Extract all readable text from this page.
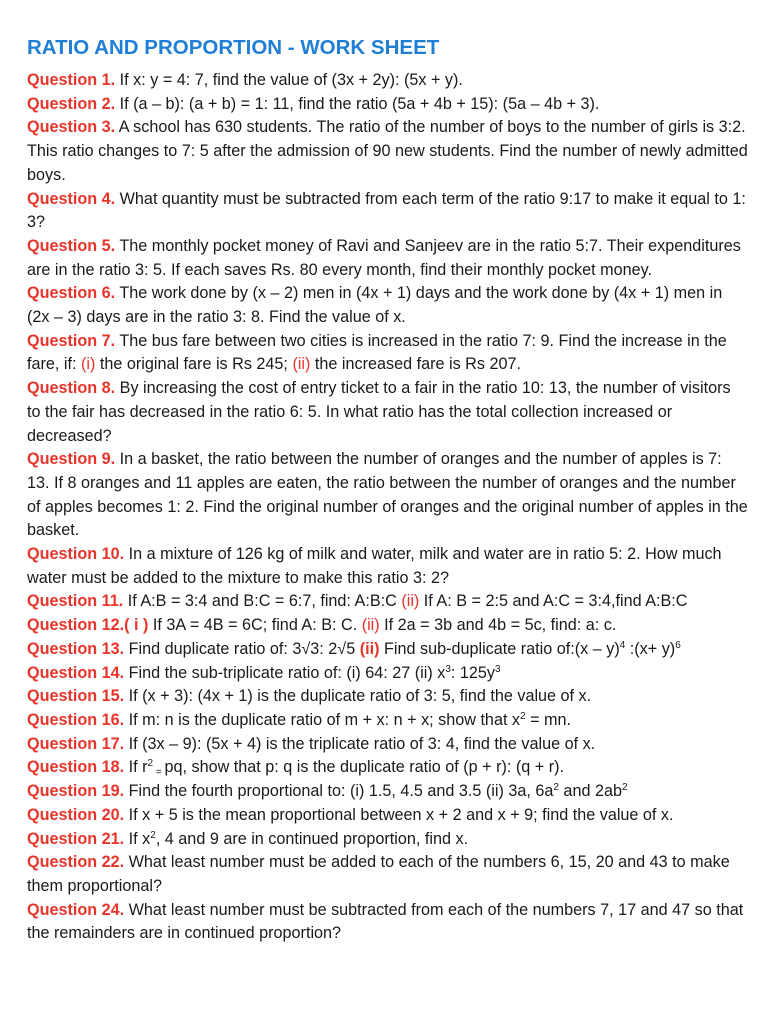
RATIO AND PROPORTION - WORK SHEET

Question 1. If x: y = 4: 7, find the value of (3x + 2y): (5x + y).

Question 2. If (a – b): (a + b) = 1: 11, find the ratio (5a + 4b + 15): (5a – 4b + 3).

Question 3. A school has 630 students. The ratio of the number of boys to the number of girls is 3:2. This ratio changes to 7: 5 after the admission of 90 new students. Find the number of newly admitted boys.

Question 4. What quantity must be subtracted from each term of the ratio 9:17 to make it equal to 1: 3?

Question 5. The monthly pocket money of Ravi and Sanjeev are in the ratio 5:7. Their expenditures are in the ratio 3: 5. If each saves Rs. 80 every month, find their monthly pocket money.

Question 6. The work done by (x – 2) men in (4x + 1) days and the work done by (4x + 1) men in (2x – 3) days are in the ratio 3: 8. Find the value of x.

Question 7. The bus fare between two cities is increased in the ratio 7: 9. Find the increase in the fare, if: (i) the original fare is Rs 245; (ii) the increased fare is Rs 207.

Question 8. By increasing the cost of entry ticket to a fair in the ratio 10: 13, the number of visitors to the fair has decreased in the ratio 6: 5. In what ratio has the total collection increased or decreased?

Question 9. In a basket, the ratio between the number of oranges and the number of apples is 7: 13. If 8 oranges and 11 apples are eaten, the ratio between the number of oranges and the number of apples becomes 1: 2. Find the original number of oranges and the original number of apples in the basket.

Question 10. In a mixture of 126 kg of milk and water, milk and water are in ratio 5: 2. How much water must be added to the mixture to make this ratio 3: 2?

Question 11. If A:B = 3:4 and B:C = 6:7, find: A:B:C (ii) If A: B = 2:5 and A:C = 3:4,find A:B:C

Question 12.( i ) If 3A = 4B = 6C; find A: B: C. (ii) If 2a = 3b and 4b = 5c, find: a: c.

Question 13. Find duplicate ratio of: 3√3: 2√5 (ii) Find sub-duplicate ratio of:(x – y)$^4$ :(x+ y)$^6$

Question 14. Find the sub-triplicate ratio of: (i) 64: 27 (ii) $x^3$: $125y^3$

Question 15. If (x + 3): (4x + 1) is the duplicate ratio of 3: 5, find the value of x.

Question 16. If m: n is the duplicate ratio of m + x: n + x; show that $x^2$ = mn.

Question 17. If (3x – 9): (5x + 4) is the triplicate ratio of 3: 4, find the value of x.

Question 18. If $r^2$ $_=$ pq, show that p: q is the duplicate ratio of (p + r): (q + r).

Question 19. Find the fourth proportional to: (i) 1.5, 4.5 and 3.5 (ii) 3a, $6a^2$ and $2ab^2$

Question 20. If x + 5 is the mean proportional between x + 2 and x + 9; find the value of x.

Question 21. If $x^2$, 4 and 9 are in continued proportion, find x.

Question 22. What least number must be added to each of the numbers 6, 15, 20 and 43 to make them proportional?

Question 24. What least number must be subtracted from each of the numbers 7, 17 and 47 so that the remainders are in continued proportion?
